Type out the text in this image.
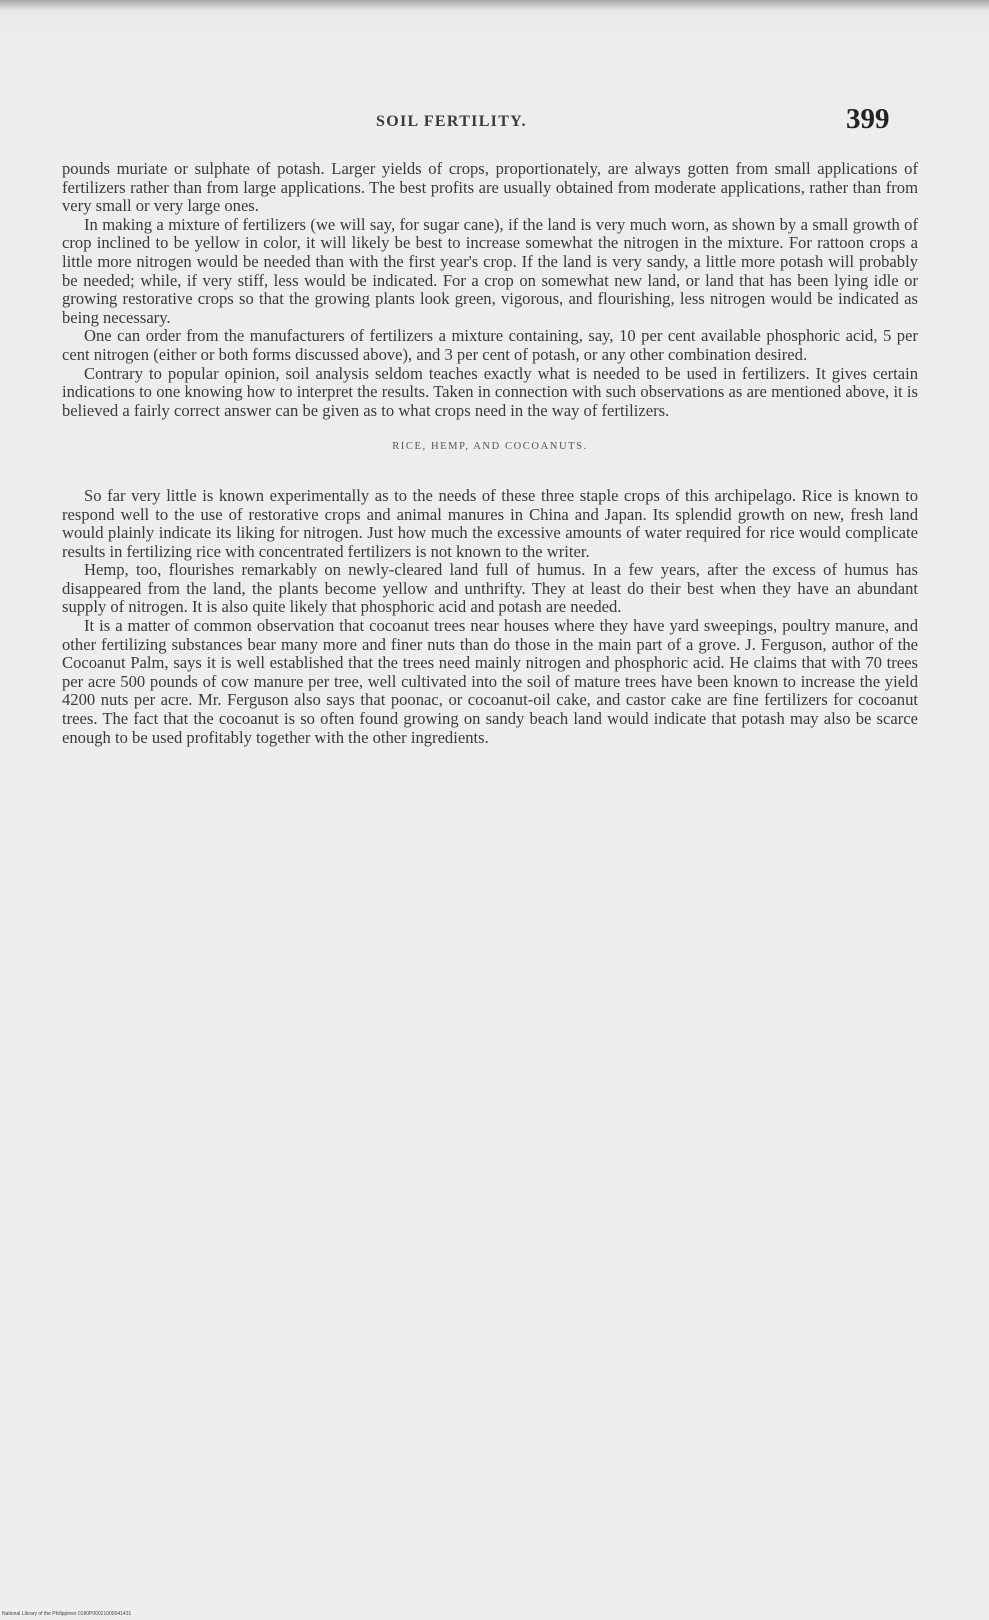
SOIL FERTILITY.	399

pounds muriate or sulphate of potash. Larger yields of crops, proportionately, are always gotten from small applications of fertilizers rather than from large applications. The best profits are usually obtained from moderate applications, rather than from very small or very large ones.

In making a mixture of fertilizers (we will say, for sugar cane), if the land is very much worn, as shown by a small growth of crop inclined to be yellow in color, it will likely be best to increase somewhat the nitrogen in the mixture. For rattoon crops a little more nitrogen would be needed than with the first year's crop. If the land is very sandy, a little more potash will probably be needed; while, if very stiff, less would be indicated. For a crop on somewhat new land, or land that has been lying idle or growing restorative crops so that the growing plants look green, vigorous, and flourishing, less nitrogen would be indicated as being necessary.

One can order from the manufacturers of fertilizers a mixture containing, say, 10 per cent available phosphoric acid, 5 per cent nitrogen (either or both forms discussed above), and 3 per cent of potash, or any other combination desired.

Contrary to popular opinion, soil analysis seldom teaches exactly what is needed to be used in fertilizers. It gives certain indications to one knowing how to interpret the results. Taken in connection with such observations as are mentioned above, it is believed a fairly correct answer can be given as to what crops need in the way of fertilizers.

RICE, HEMP, AND COCOANUTS.

So far very little is known experimentally as to the needs of these three staple crops of this archipelago. Rice is known to respond well to the use of restorative crops and animal manures in China and Japan. Its splendid growth on new, fresh land would plainly indicate its liking for nitrogen. Just how much the excessive amounts of water required for rice would complicate results in fertilizing rice with concentrated fertilizers is not known to the writer.

Hemp, too, flourishes remarkably on newly-cleared land full of humus. In a few years, after the excess of humus has disappeared from the land, the plants become yellow and unthrifty. They at least do their best when they have an abundant supply of nitrogen. It is also quite likely that phosphoric acid and potash are needed.

It is a matter of common observation that cocoanut trees near houses where they have yard sweepings, poultry manure, and other fertilizing substances bear many more and finer nuts than do those in the main part of a grove. J. Ferguson, author of the Cocoanut Palm, says it is well established that the trees need mainly nitrogen and phosphoric acid. He claims that with 70 trees per acre 500 pounds of cow manure per tree, well cultivated into the soil of mature trees have been known to increase the yield 4200 nuts per acre. Mr. Ferguson also says that poonac, or cocoanut-oil cake, and castor cake are fine fertilizers for cocoanut trees. The fact that the cocoanut is so often found growing on sandy beach land would indicate that potash may also be scarce enough to be used profitably together with the other ingredients.

National Library of the Philippines 0180P00021000041431
